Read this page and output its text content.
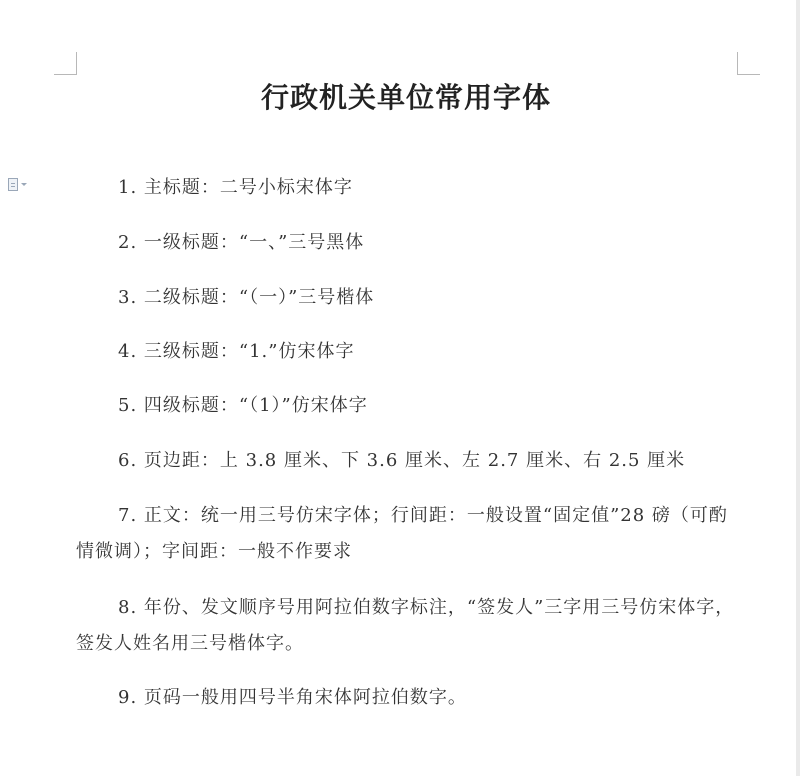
行政机关单位常用字体
1. 主标题：二号小标宋体字
2. 一级标题：“一、”三号黑体
3. 二级标题：“（一）”三号楷体
4. 三级标题：“1.”仿宋体字
5. 四级标题：“（1）”仿宋体字
6. 页边距：上 3.8 厘米、下 3.6 厘米、左 2.7 厘米、右 2.5 厘米
7. 正文：统一用三号仿宋字体；行间距：一般设置“固定值”28 磅（可酌情微调）；字间距：一般不作要求
8. 年份、发文顺序号用阿拉伯数字标注，“签发人”三字用三号仿宋体字，签发人姓名用三号楷体字。
9. 页码一般用四号半角宋体阿拉伯数字。
